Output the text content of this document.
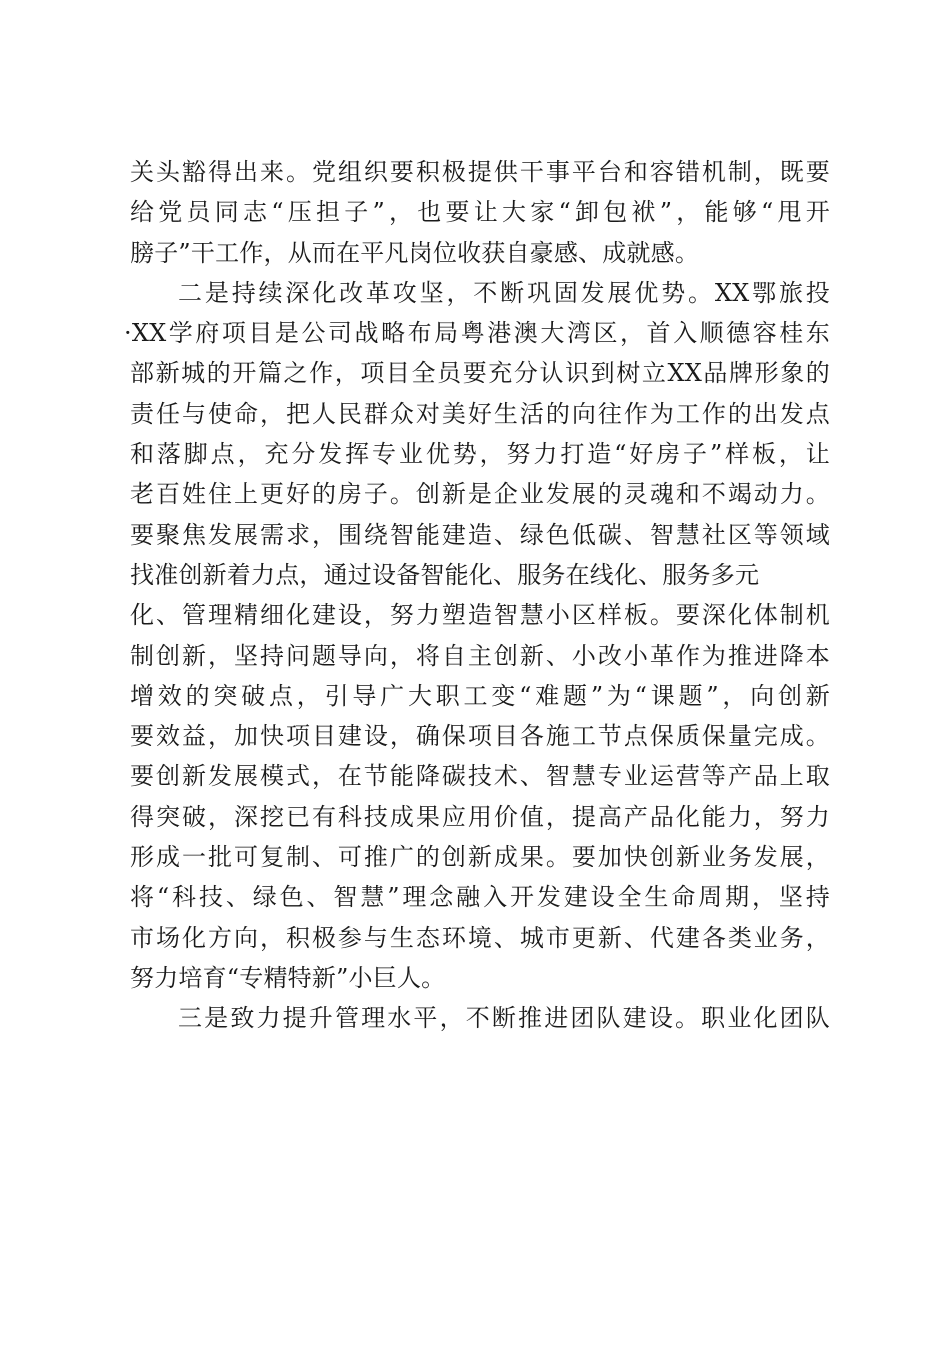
关头豁得出来。党组织要积极提供干事平台和容错机制，既要
给党员同志“压担子”，也要让大家“卸包袱”，能够“甩开
膀子”干工作，从而在平凡岗位收获自豪感、成就感。
二是持续深化改革攻坚，不断巩固发展优势。XX鄂旅投
·XX学府项目是公司战略布局粤港澳大湾区，首入顺德容桂东
部新城的开篇之作，项目全员要充分认识到树立XX品牌形象的
责任与使命，把人民群众对美好生活的向往作为工作的出发点
和落脚点，充分发挥专业优势，努力打造“好房子”样板，让
老百姓住上更好的房子。创新是企业发展的灵魂和不竭动力。
要聚焦发展需求，围绕智能建造、绿色低碳、智慧社区等领域
找准创新着力点，通过设备智能化、服务在线化、服务多元
化、管理精细化建设，努力塑造智慧小区样板。要深化体制机
制创新，坚持问题导向，将自主创新、小改小革作为推进降本
增效的突破点，引导广大职工变“难题”为“课题”，向创新
要效益，加快项目建设，确保项目各施工节点保质保量完成。
要创新发展模式，在节能降碳技术、智慧专业运营等产品上取
得突破，深挖已有科技成果应用价值，提高产品化能力，努力
形成一批可复制、可推广的创新成果。要加快创新业务发展，
将“科技、绿色、智慧”理念融入开发建设全生命周期，坚持
市场化方向，积极参与生态环境、城市更新、代建各类业务，
努力培育“专精特新”小巨人。
三是致力提升管理水平，不断推进团队建设。职业化团队
